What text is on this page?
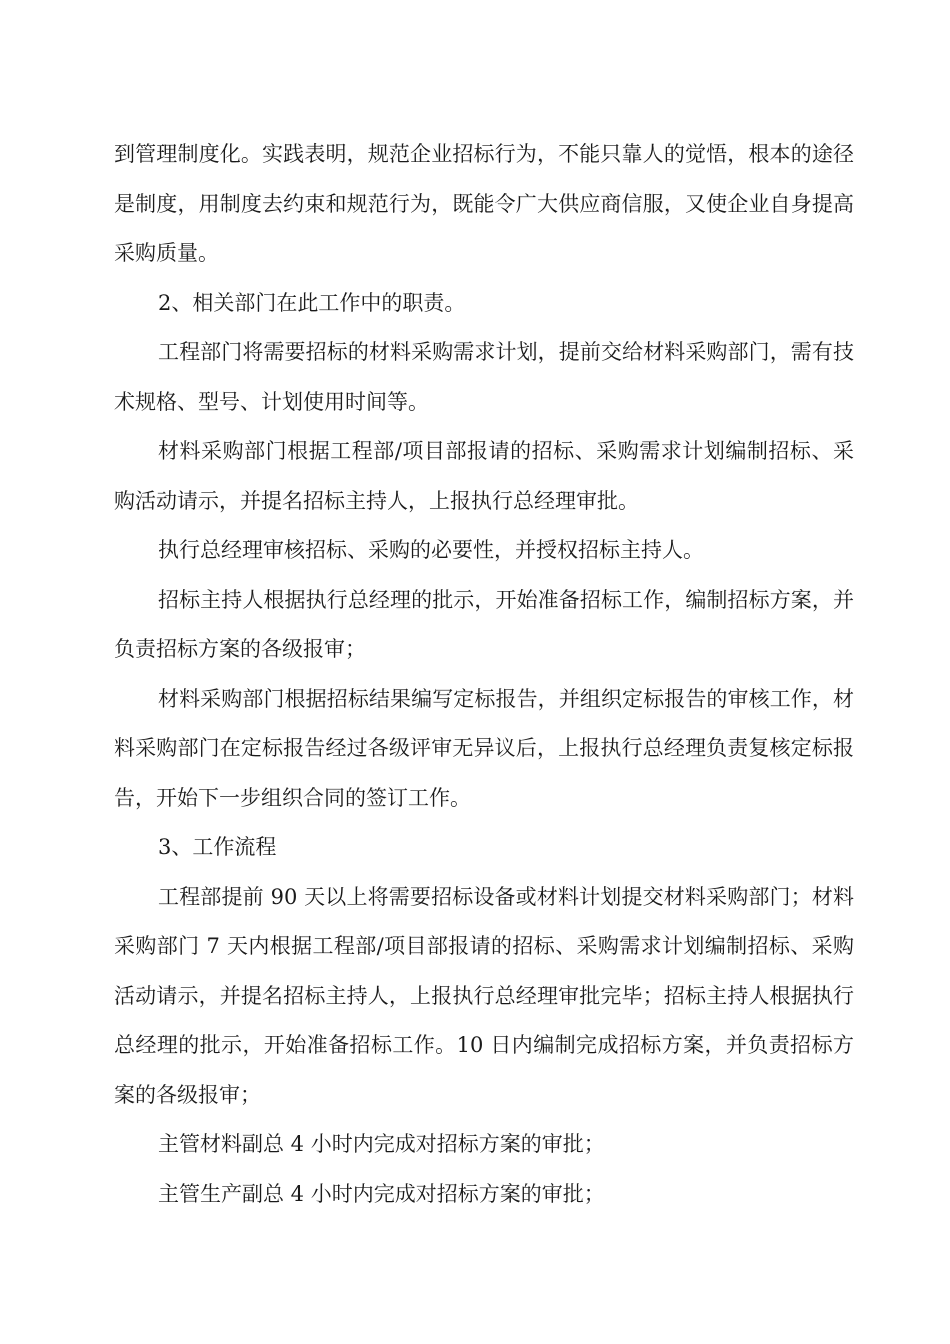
到管理制度化。实践表明，规范企业招标行为，不能只靠人的觉悟，根本的途径是制度，用制度去约束和规范行为，既能令广大供应商信服，又使企业自身提高采购质量。

2、相关部门在此工作中的职责。

工程部门将需要招标的材料采购需求计划，提前交给材料采购部门，需有技术规格、型号、计划使用时间等。

材料采购部门根据工程部/项目部报请的招标、采购需求计划编制招标、采购活动请示，并提名招标主持人，上报执行总经理审批。

执行总经理审核招标、采购的必要性，并授权招标主持人。

招标主持人根据执行总经理的批示，开始准备招标工作，编制招标方案，并负责招标方案的各级报审；

材料采购部门根据招标结果编写定标报告，并组织定标报告的审核工作，材料采购部门在定标报告经过各级评审无异议后，上报执行总经理负责复核定标报告，开始下一步组织合同的签订工作。

3、工作流程

工程部提前 90 天以上将需要招标设备或材料计划提交材料采购部门；材料采购部门 7 天内根据工程部/项目部报请的招标、采购需求计划编制招标、采购活动请示，并提名招标主持人，上报执行总经理审批完毕；招标主持人根据执行总经理的批示，开始准备招标工作。10 日内编制完成招标方案，并负责招标方案的各级报审；

主管材料副总 4 小时内完成对招标方案的审批；

主管生产副总 4 小时内完成对招标方案的审批；
